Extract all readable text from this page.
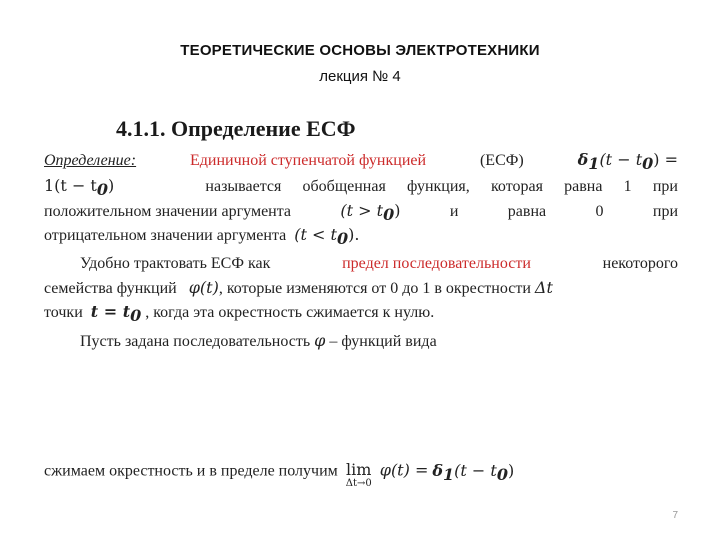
ТЕОРЕТИЧЕСКИЕ ОСНОВЫ ЭЛЕКТРОТЕХНИКИ
лекция № 4
4.1.1. Определение ЕСФ
Определение:	Единичной ступенчатой функцией	(ЕСФ)	$\delta_1(t - t_0)$ =
$1(t - t_0)$	называется обобщенная функция, которая равна 1 при
положительном значении аргумента	$(t > t_0)$	и	равна	0	при
отрицательном значении аргумента $(t < t_0)$.
Удобно трактовать ЕСФ как	предел последовательности	некоторого
семейства функций φ(t), которые изменяются от 0 до 1 в окрестности Δt
точки $t = t_0$ , когда эта окрестность сжимается к нулю.
Пусть задана последовательность φ – функций вида
сжимаем окрестность и в пределе получим lim
Δt→0
$\varphi(t) = \delta_1(t - t_0)$
7
